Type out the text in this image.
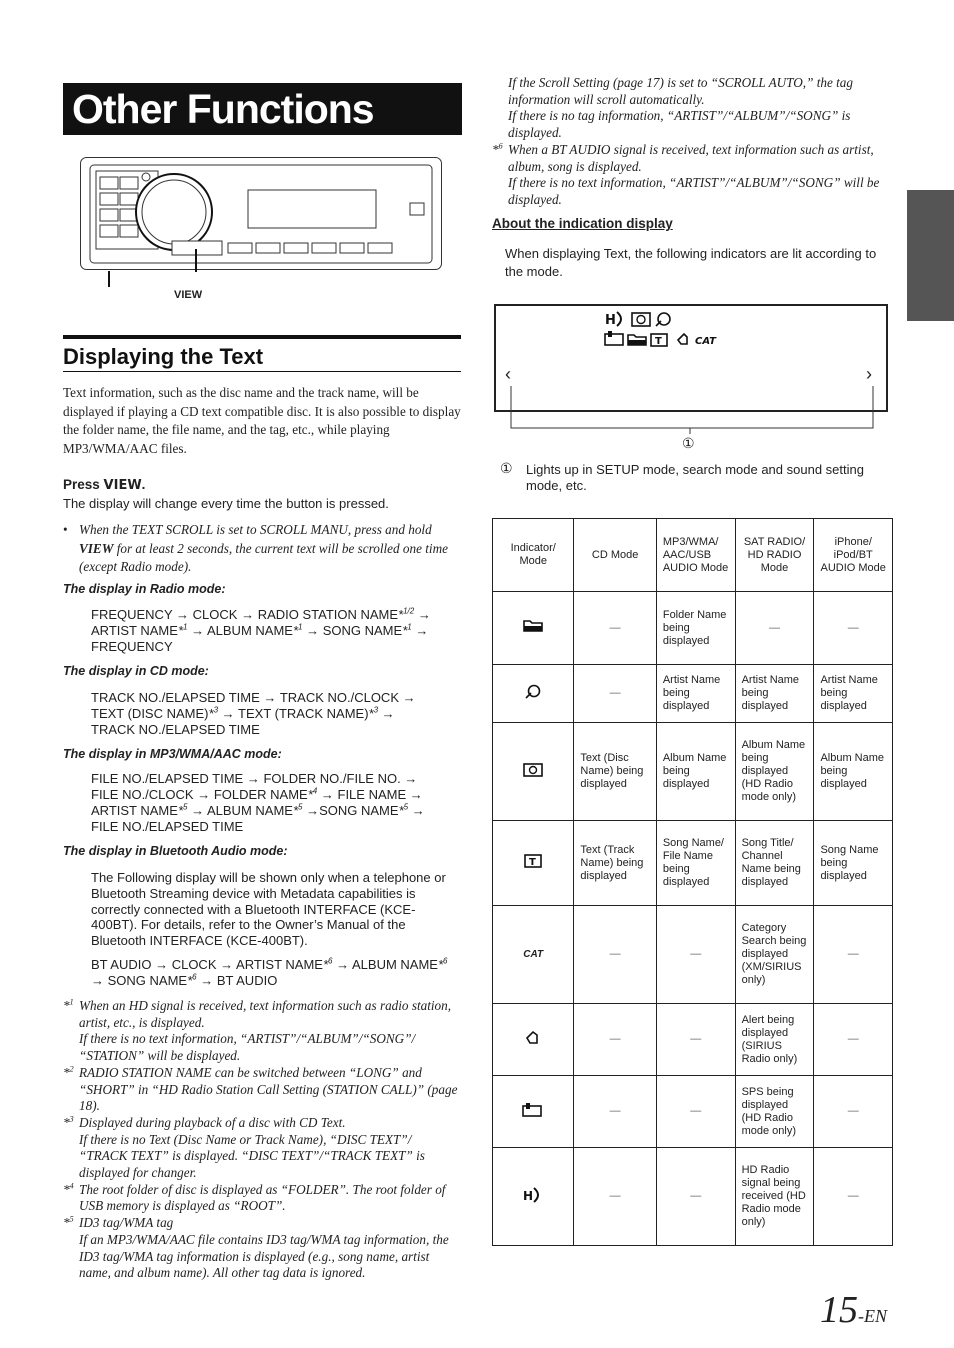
Other Functions
VIEW
Displaying the Text
Text information, such as the disc name and the track name, will be displayed if playing a CD text compatible disc. It is also possible to display the folder name, the file name, and the tag, etc., while playing MP3/WMA/AAC files.
Press VIEW.
The display will change every time the button is pressed.
• When the TEXT SCROLL is set to SCROLL MANU, press and hold VIEW for at least 2 seconds, the current text will be scrolled one time (except Radio mode).
The display in Radio mode:
FREQUENCY → CLOCK → RADIO STATION NAME*$^{1/2}$ →
ARTIST NAME*$^1$ → ALBUM NAME*$^1$ → SONG NAME*$^1$ →
FREQUENCY
The display in CD mode:
TRACK NO./ELAPSED TIME → TRACK NO./CLOCK →
TEXT (DISC NAME)*$^3$ → TEXT (TRACK NAME)*$^3$ →
TRACK NO./ELAPSED TIME
The display in MP3/WMA/AAC mode:
FILE NO./ELAPSED TIME → FOLDER NO./FILE NO. →
FILE NO./CLOCK → FOLDER NAME*$^4$ → FILE NAME →
ARTIST NAME*$^5$ → ALBUM NAME*$^5$ →SONG NAME*$^5$ →
FILE NO./ELAPSED TIME
The display in Bluetooth Audio mode:
The Following display will be shown only when a telephone or Bluetooth Streaming device with Metadata capabilities is correctly connected with a Bluetooth INTERFACE (KCE-400BT). For details, refer to the Owner’s Manual of the Bluetooth INTERFACE (KCE-400BT).
BT AUDIO → CLOCK → ARTIST NAME*$^6$ → ALBUM NAME*$^6$
→ SONG NAME*$^6$ → BT AUDIO
*$^1$ When an HD signal is received, text information such as radio station, artist, etc., is displayed.
If there is no text information, “ARTIST”/“ALBUM”/“SONG”/ “STATION” will be displayed.
*$^2$ RADIO STATION NAME can be switched between “LONG” and “SHORT” in “HD Radio Station Call Setting (STATION CALL)” (page 18).
*$^3$ Displayed during playback of a disc with CD Text.
If there is no Text (Disc Name or Track Name), “DISC TEXT”/ “TRACK TEXT” is displayed. “DISC TEXT”/“TRACK TEXT” is displayed for changer.
*$^4$ The root folder of disc is displayed as “FOLDER”. The root folder of USB memory is displayed as “ROOT”.
*$^5$ ID3 tag/WMA tag
If an MP3/WMA/AAC file contains ID3 tag/WMA tag information, the ID3 tag/WMA tag information is displayed (e.g., song name, artist name, and album name). All other tag data is ignored.
If the Scroll Setting (page 17) is set to “SCROLL AUTO,” the tag information will scroll automatically.
If there is no tag information, “ARTIST”/“ALBUM”/“SONG” is displayed.
*$^6$ When a BT AUDIO signal is received, text information such as artist, album, song is displayed.
If there is no text information, “ARTIST”/“ALBUM”/“SONG” will be displayed.
About the indication display
When displaying Text, the following indicators are lit according to the mode.
H
T	CAT
‹	›
①
① Lights up in SETUP mode, search mode and sound setting mode, etc.
Indicator/ Mode	CD Mode	MP3/WMA/ AAC/USB AUDIO Mode	SAT RADIO/ HD RADIO Mode	iPhone/ iPod/BT AUDIO Mode
	—	Folder Name being displayed	—	—
	—	Artist Name being displayed	Artist Name being displayed	Artist Name being displayed
	Text (Disc Name) being displayed	Album Name being displayed	Album Name being displayed (HD Radio mode only)	Album Name being displayed

T	Text (Track Name) being displayed	Song Name/ File Name being displayed	Song Title/ Channel Name being displayed	Song Name being displayed
CAT	—	—	Category Search being displayed (XM/SIRIUS only)	—
	—	—	Alert being displayed (SIRIUS Radio only)	—
	—	—	SPS being displayed (HD Radio mode only)	—

H	—	—	HD Radio signal being received (HD Radio mode only)	—
15-EN
